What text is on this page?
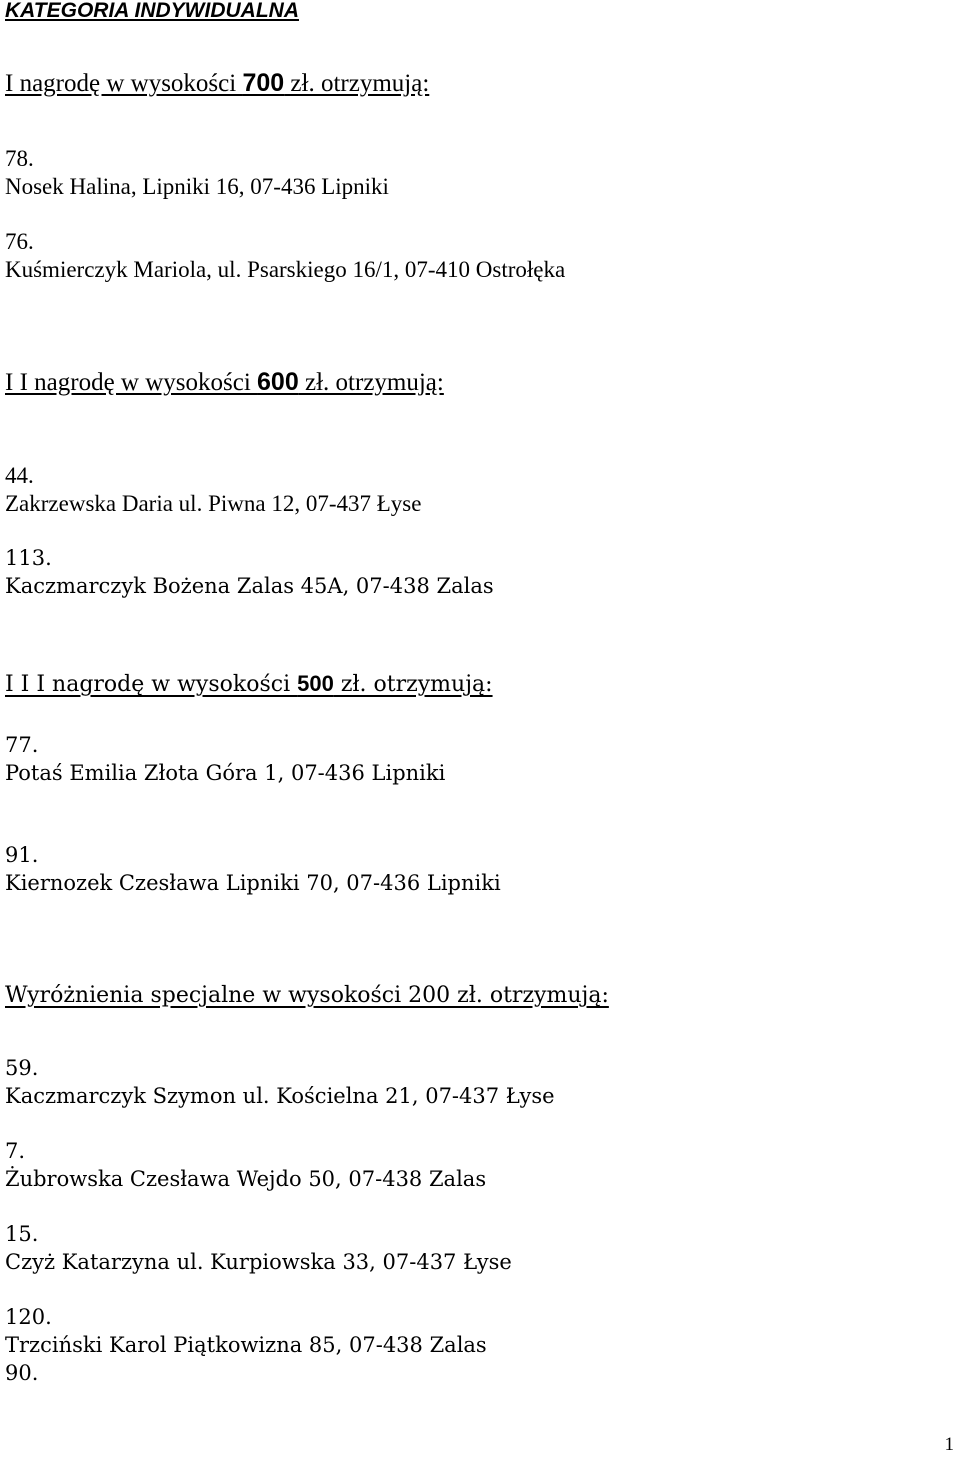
KATEGORIA INDYWIDUALNA

I nagrodę w wysokości 700 zł. otrzymują:

78.

Nosek Halina, Lipniki 16, 07-436 Lipniki

76.

Kuśmierczyk Mariola, ul. Psarskiego 16/1, 07-410 Ostrołęka

I I nagrodę w wysokości 600 zł. otrzymują:

44.

Zakrzewska Daria ul. Piwna 12, 07-437 Łyse

113.

Kaczmarczyk Bożena Zalas 45A, 07-438 Zalas

I I I nagrodę w wysokości 500 zł. otrzymują:

77.

Potaś Emilia Złota Góra 1, 07-436 Lipniki

91.

Kiernozek Czesława Lipniki 70, 07-436 Lipniki

Wyróżnienia specjalne w wysokości 200 zł. otrzymują:

59.

Kaczmarczyk Szymon ul. Kościelna 21, 07-437 Łyse

7.

Żubrowska Czesława Wejdo 50, 07-438 Zalas

15.

Czyż Katarzyna ul. Kurpiowska 33, 07-437 Łyse

120.

Trzciński Karol Piątkowizna 85, 07-438 Zalas

90.

1
